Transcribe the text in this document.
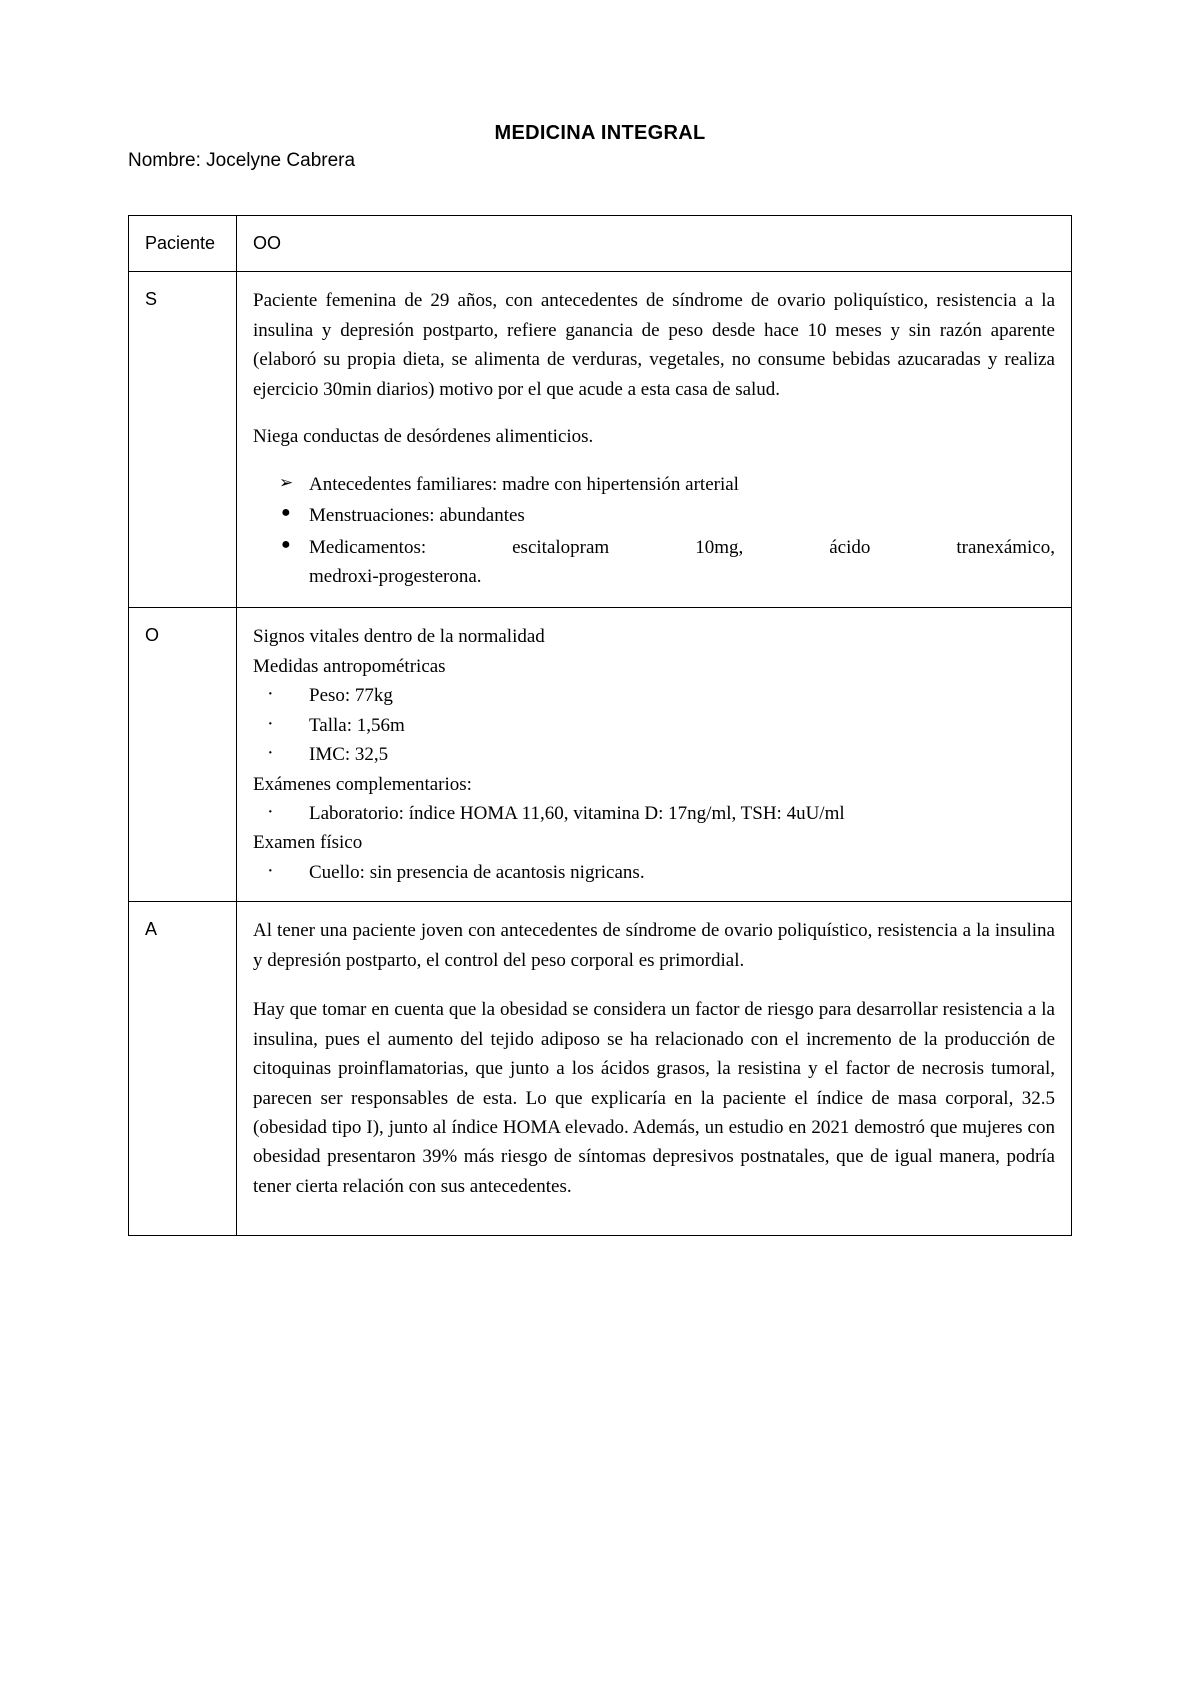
MEDICINA INTEGRAL
Nombre: Jocelyne Cabrera
Paciente	OO
S	Paciente femenina de 29 años, con antecedentes de síndrome de ovario poliquístico, resistencia a la insulina y depresión postparto, refiere ganancia de peso desde hace 10 meses y sin razón aparente (elaboró su propia dieta, se alimenta de verduras, vegetales, no consume bebidas azucaradas y realiza ejercicio 30min diarios) motivo por el que acude a esta casa de salud.
Niega conductas de desórdenes alimenticios.
➢ Antecedentes familiares: madre con hipertensión arterial
● Menstruaciones: abundantes
● Medicamentos:	escitalopram	10mg,	ácido	tranexámico,
medroxi-progesterona.

O	Signos vitales dentro de la normalidad
Medidas antropométricas
· Peso: 77kg
· Talla: 1,56m
· IMC: 32,5
Exámenes complementarios:
· Laboratorio: índice HOMA 11,60, vitamina D: 17ng/ml, TSH: 4uU/ml
Examen físico
· Cuello: sin presencia de acantosis nigricans.

A	Al tener una paciente joven con antecedentes de síndrome de ovario poliquístico, resistencia a la insulina y depresión postparto, el control del peso corporal es primordial.
Hay que tomar en cuenta que la obesidad se considera un factor de riesgo para desarrollar resistencia a la insulina, pues el aumento del tejido adiposo se ha relacionado con el incremento de la producción de citoquinas proinflamatorias, que junto a los ácidos grasos, la resistina y el factor de necrosis tumoral, parecen ser responsables de esta. Lo que explicaría en la paciente el índice de masa corporal, 32.5 (obesidad tipo I), junto al índice HOMA elevado. Además, un estudio en 2021 demostró que mujeres con obesidad presentaron 39% más riesgo de síntomas depresivos postnatales, que de igual manera, podría tener cierta relación con sus antecedentes.
